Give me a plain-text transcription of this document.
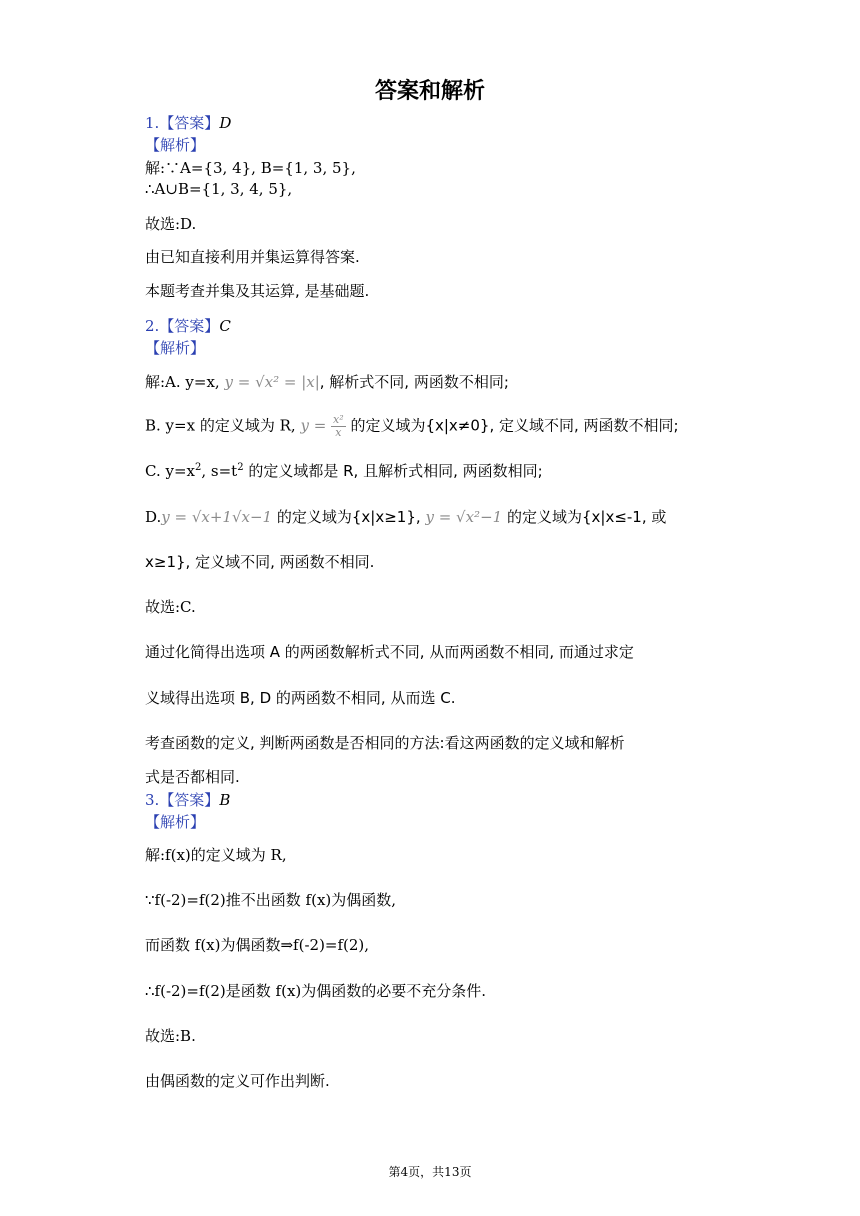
答案和解析
1.【答案】D
【解析】
解:∵A={3, 4}, B={1, 3, 5},
∴A∪B={1, 3, 4, 5},
故选:D.
由已知直接利用并集运算得答案.
本题考查并集及其运算, 是基础题.
2.【答案】C
【解析】
解:A. y=x, y = √x² = |x|, 解析式不同, 两函数不相同;
B. y=x 的定义域为 R, $y = \frac{\text{x²}}{x}$ 的定义域为{x|x≠0}, 定义域不同, 两函数不相同;
C. $y=x^2$, $s=t^2$ 的定义域都是 R, 且解析式相同, 两函数相同;
D.y = √x+1√x−1 的定义域为{x|x≥1}, y = √x²−1 的定义域为{x|x≤-1, 或
x≥1}, 定义域不同, 两函数不相同.
故选:C.
通过化简得出选项 A 的两函数解析式不同, 从而两函数不相同, 而通过求定
义域得出选项 B, D 的两函数不相同, 从而选 C.
考查函数的定义, 判断两函数是否相同的方法:看这两函数的定义域和解析
式是否都相同.
3.【答案】B
【解析】
解:f(x)的定义域为 R,
∵f(-2)=f(2)推不出函数 f(x)为偶函数,
而函数 f(x)为偶函数⇒f(-2)=f(2),
∴f(-2)=f(2)是函数 f(x)为偶函数的必要不充分条件.
故选:B.
由偶函数的定义可作出判断.
第4页，共13页
